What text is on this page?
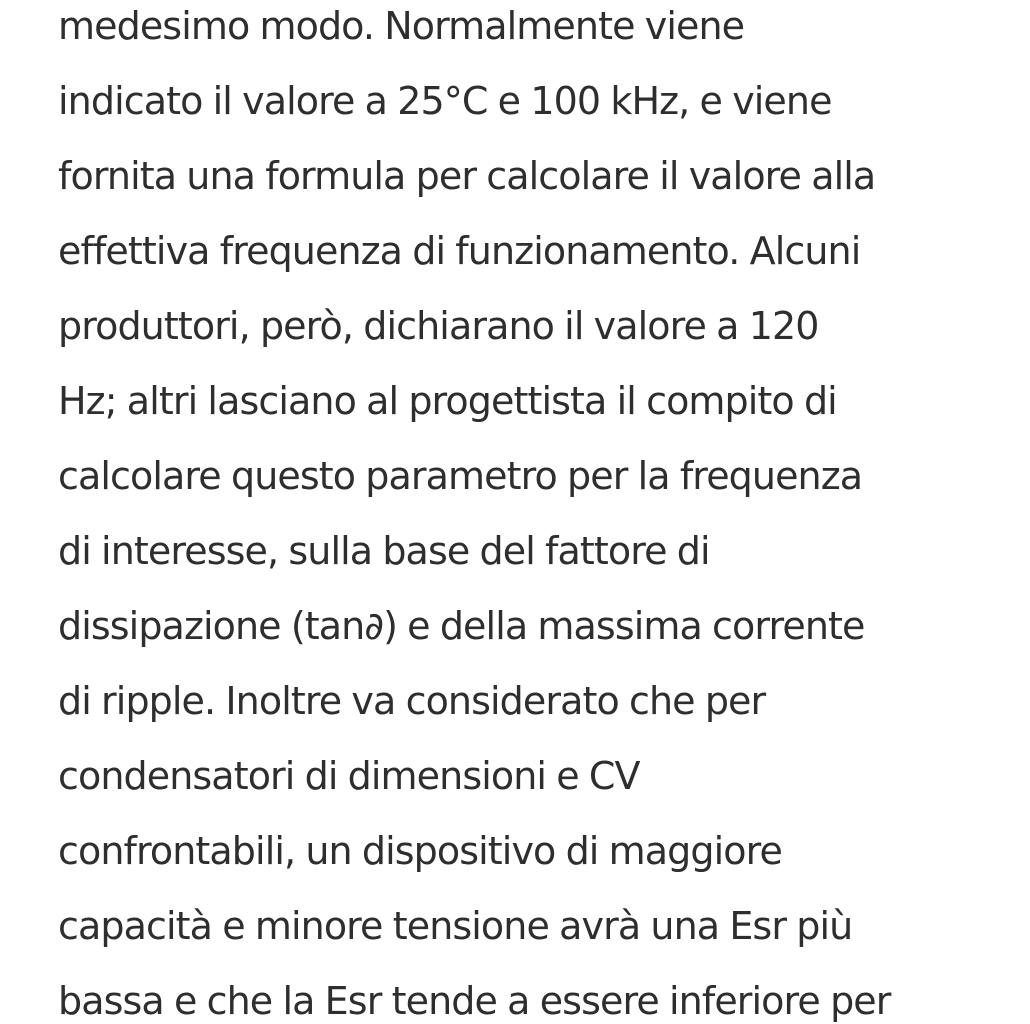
medesimo modo. Normalmente viene

indicato il valore a 25°C e 100 kHz, e viene

fornita una formula per calcolare il valore alla

effettiva frequenza di funzionamento. Alcuni

produttori, però, dichiarano il valore a 120

Hz; altri lasciano al progettista il compito di

calcolare questo parametro per la frequenza

di interesse, sulla base del fattore di

dissipazione (tan∂) e della massima corrente

di ripple. Inoltre va considerato che per

condensatori di dimensioni e CV

confrontabili, un dispositivo di maggiore

capacità e minore tensione avrà una Esr più

bassa e che la Esr tende a essere inferiore per
